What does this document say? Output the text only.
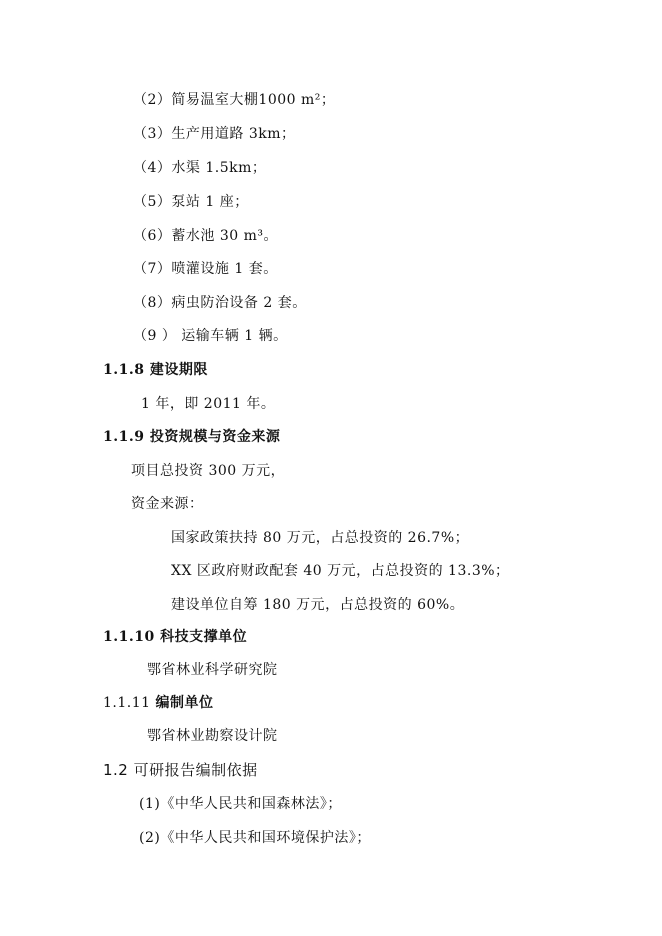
（2）简易温室大棚1000 m²；
（3）生产用道路 3km；
（4）水渠 1.5km；
（5）泵站 1 座；
（6）蓄水池 30 m³。
（7）喷灌设施 1 套。
（8）病虫防治设备 2 套。
（9 ） 运输车辆 1 辆。
1.1.8 建设期限
1 年，即 2011 年。
1.1.9 投资规模与资金来源
项目总投资 300 万元，
资金来源：
国家政策扶持 80 万元，占总投资的 26.7%；
XX 区政府财政配套 40 万元，占总投资的 13.3%；
建设单位自筹 180 万元，占总投资的 60%。
1.1.10 科技支撑单位
鄂省林业科学研究院
1.1.11 编制单位
鄂省林业勘察设计院
1.2 可研报告编制依据
(1)《中华人民共和国森林法》；
(2)《中华人民共和国环境保护法》；
